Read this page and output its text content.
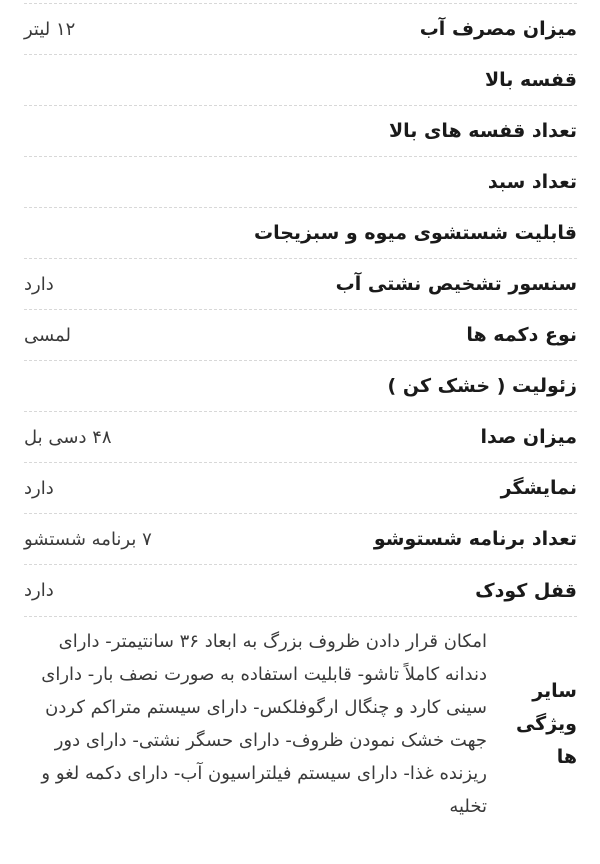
میزان مصرف آب
۱۲ لیتر
قفسه بالا
تعداد قفسه های بالا
تعداد سبد
قابلیت شستشوی میوه و سبزیجات
سنسور تشخیص نشتی آب
دارد
نوع دکمه ها
لمسی
زئولیت ( خشک کن )
میزان صدا
۴۸ دسی بل
نمایشگر
دارد
تعداد برنامه شستوشو
۷ برنامه شستشو
قفل کودک
دارد
سایر ویژگی ها
امکان قرار دادن ظروف بزرگ به ابعاد ۳۶ سانتیمتر- دارای دندانه کاملاً تاشو- قابلیت استفاده به صورت نصف بار- دارای سینی کارد و چنگال ارگوفلکس- دارای سیستم متراکم کردن جهت خشک نمودن ظروف- دارای حسگر نشتی- دارای دور ریزنده غذا- دارای سیستم فیلتراسیون آب- دارای دکمه لغو و تخلیه
